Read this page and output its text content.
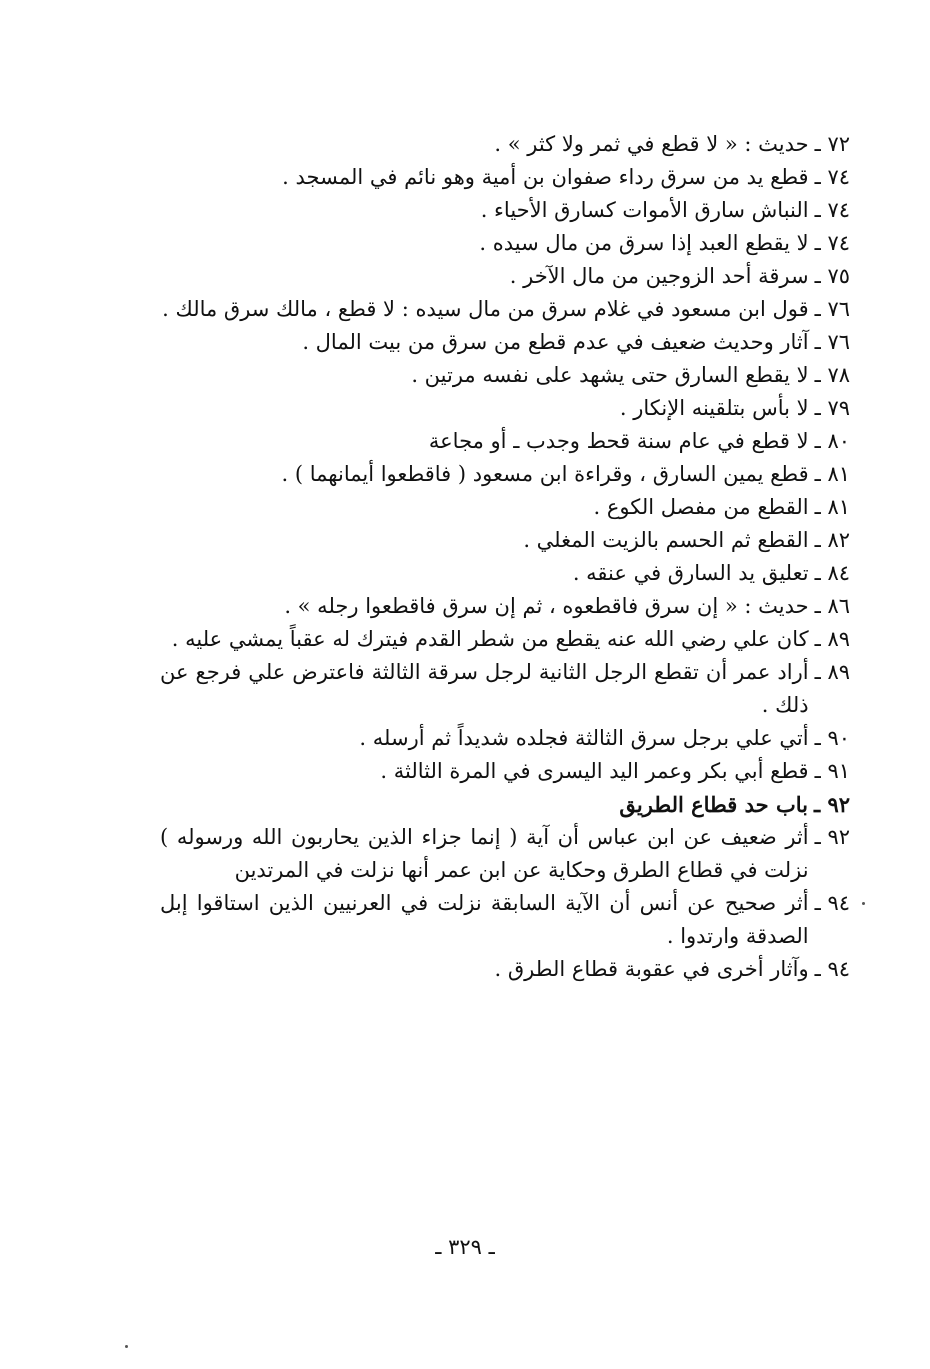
٧٢ ـ
حديث : « لا قطع في ثمر ولا كثر » .
٧٤ ـ
قطع يد من سرق رداء صفوان بن أمية وهو نائم في المسجد .
٧٤ ـ
النباش سارق الأموات كسارق الأحياء .
٧٤ ـ
لا يقطع العبد إذا سرق من مال سيده .
٧٥ ـ
سرقة أحد الزوجين من مال الآخر .
٧٦ ـ
قول ابن مسعود في غلام سرق من مال سيده : لا قطع ، مالك سرق مالك .
٧٦ ـ
آثار وحديث ضعيف في عدم قطع من سرق من بيت المال .
٧٨ ـ
لا يقطع السارق حتى يشهد على نفسه مرتين .
٧٩ ـ
لا بأس بتلقينه الإنكار .
٨٠ ـ
لا قطع في عام سنة قحط وجدب ـ أو مجاعة
٨١ ـ
قطع يمين السارق ، وقراءة ابن مسعود ( فاقطعوا أيمانهما ) .
٨١ ـ
القطع من مفصل الكوع .
٨٢ ـ
القطع ثم الحسم بالزيت المغلي .
٨٤ ـ
تعليق يد السارق في عنقه .
٨٦ ـ
حديث : « إن سرق فاقطعوه ، ثم إن سرق فاقطعوا رجله » .
٨٩ ـ
كان علي رضي الله عنه يقطع من شطر القدم فيترك له عقباً يمشي عليه .
٨٩ ـ
أراد عمر أن تقطع الرجل الثانية لرجل سرقة الثالثة فاعترض علي فرجع عن ذلك .
٩٠ ـ
أتي علي برجل سرق الثالثة فجلده شديداً ثم أرسله .
٩١ ـ
قطع أبي بكر وعمر اليد اليسرى في المرة الثالثة .
٩٢ ـ
باب حد قطاع الطريق
٩٢ ـ
أثر ضعيف عن ابن عباس أن آية ( إنما جزاء الذين يحاربون الله ورسوله ) نزلت في قطاع الطرق وحكاية عن ابن عمر أنها نزلت في المرتدين
٩٤ ـ
أثر صحيح عن أنس أن الآية السابقة نزلت في العرنيين الذين استاقوا إبل الصدقة وارتدوا .
٩٤ ـ
وآثار أخرى في عقوبة قطاع الطرق .
ـ ٣٢٩ ـ
